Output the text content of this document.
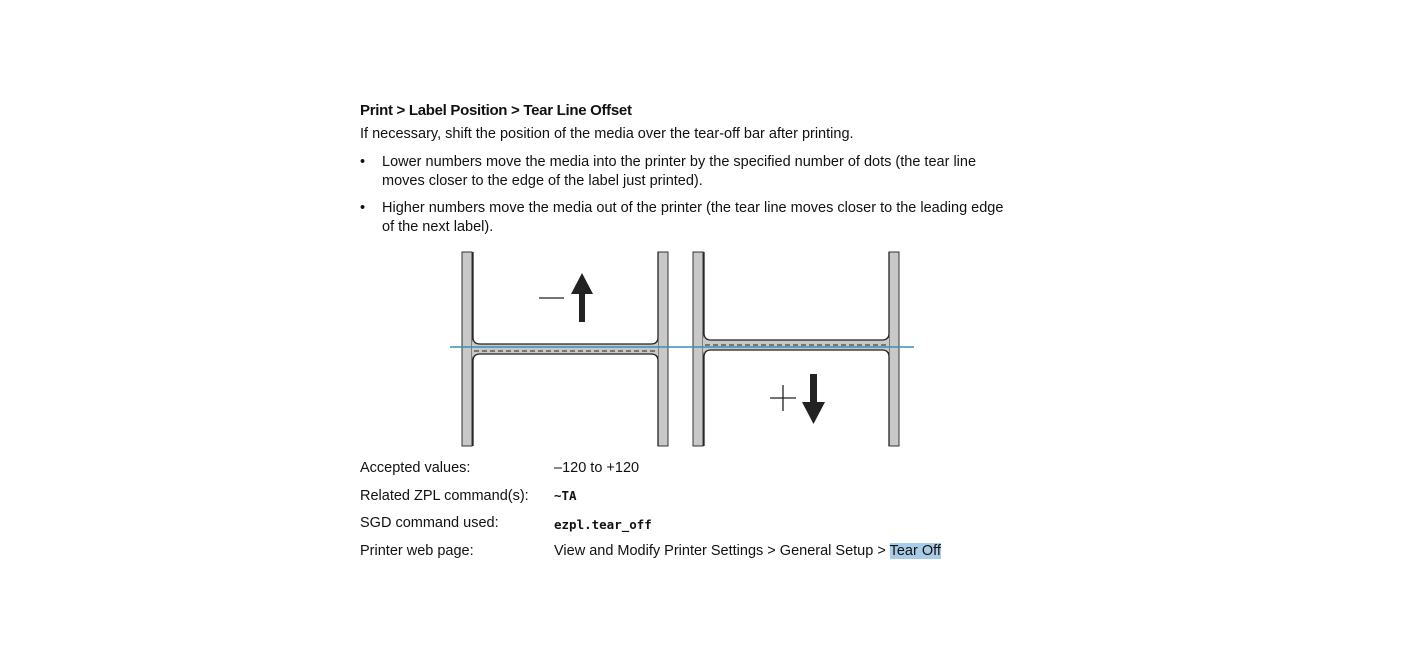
Print > Label Position > Tear Line Offset
If necessary, shift the position of the media over the tear-off bar after printing.
• Lower numbers move the media into the printer by the specified number of dots (the tear line moves closer to the edge of the label just printed).
• Higher numbers move the media out of the printer (the tear line moves closer to the leading edge of the next label).
Accepted values:	–120 to +120
Related ZPL command(s): ~TA
SGD command used:	ezpl.tear_off
Printer web page:	View and Modify Printer Settings > General Setup > Tear Off
